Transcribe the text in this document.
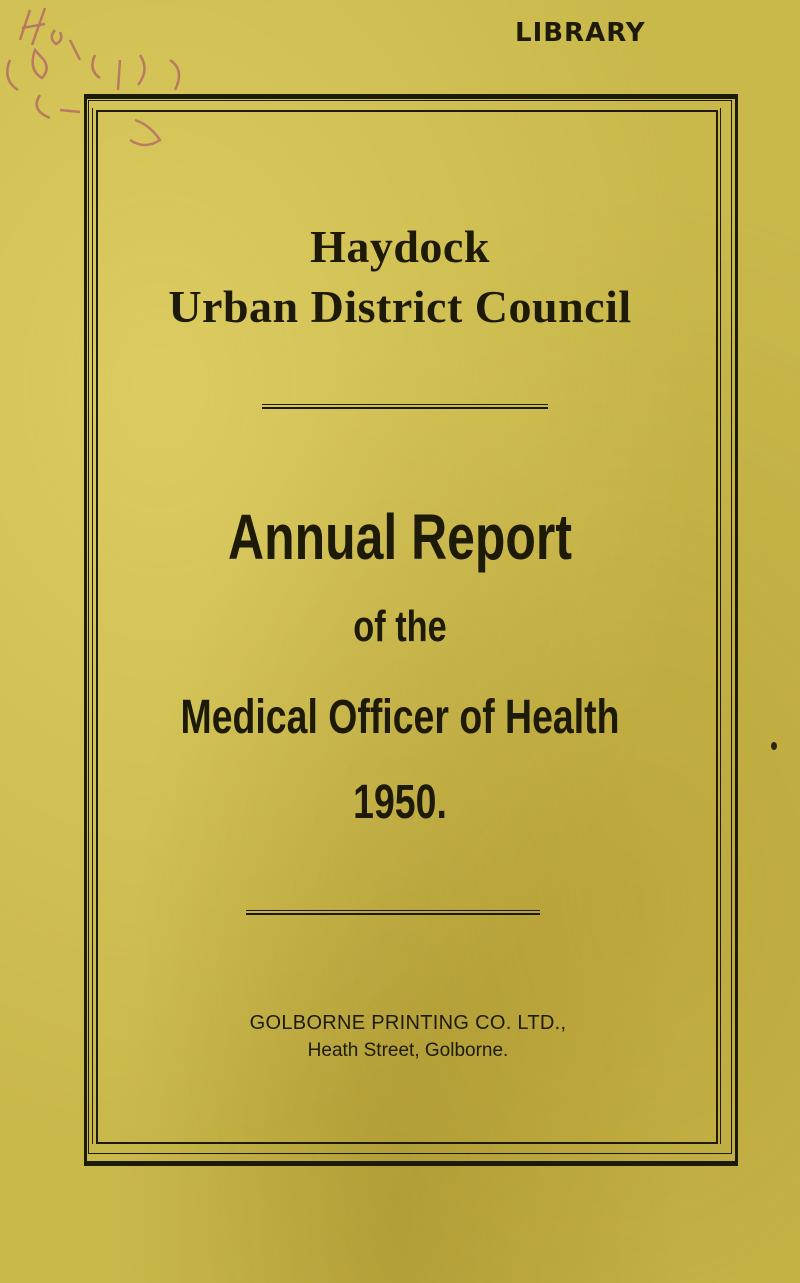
LIBRARY
Haydock
Urban District Council
Annual Report
of the
Medical Officer of Health
1950.
GOLBORNE PRINTING CO. LTD.,
Heath Street, Golborne.
